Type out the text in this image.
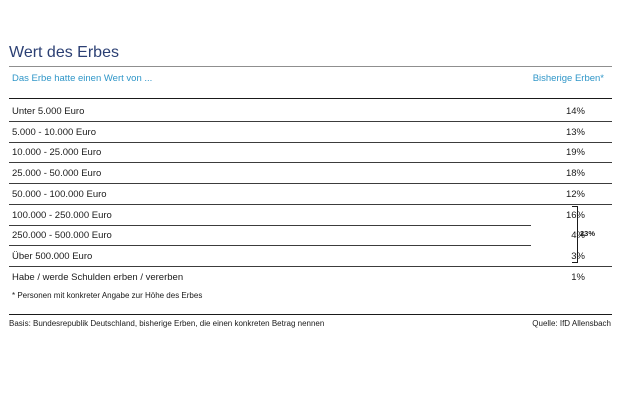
Wert des Erbes
Das Erbe hatte einen Wert von ...	Bisherige Erben*
Unter 5.000 Euro	14%
5.000 - 10.000 Euro	13%
10.000 - 25.000 Euro	19%
25.000 - 50.000 Euro	18%
50.000 - 100.000 Euro	12%
100.000 - 250.000 Euro	16%
250.000 - 500.000 Euro	4%
Über 500.000 Euro	3%
Habe / werde Schulden erben / vererben	1%
23%
* Personen mit konkreter Angabe zur Höhe des Erbes
Basis: Bundesrepublik Deutschland, bisherige Erben, die einen konkreten Betrag nennen	Quelle: IfD Allensbach
